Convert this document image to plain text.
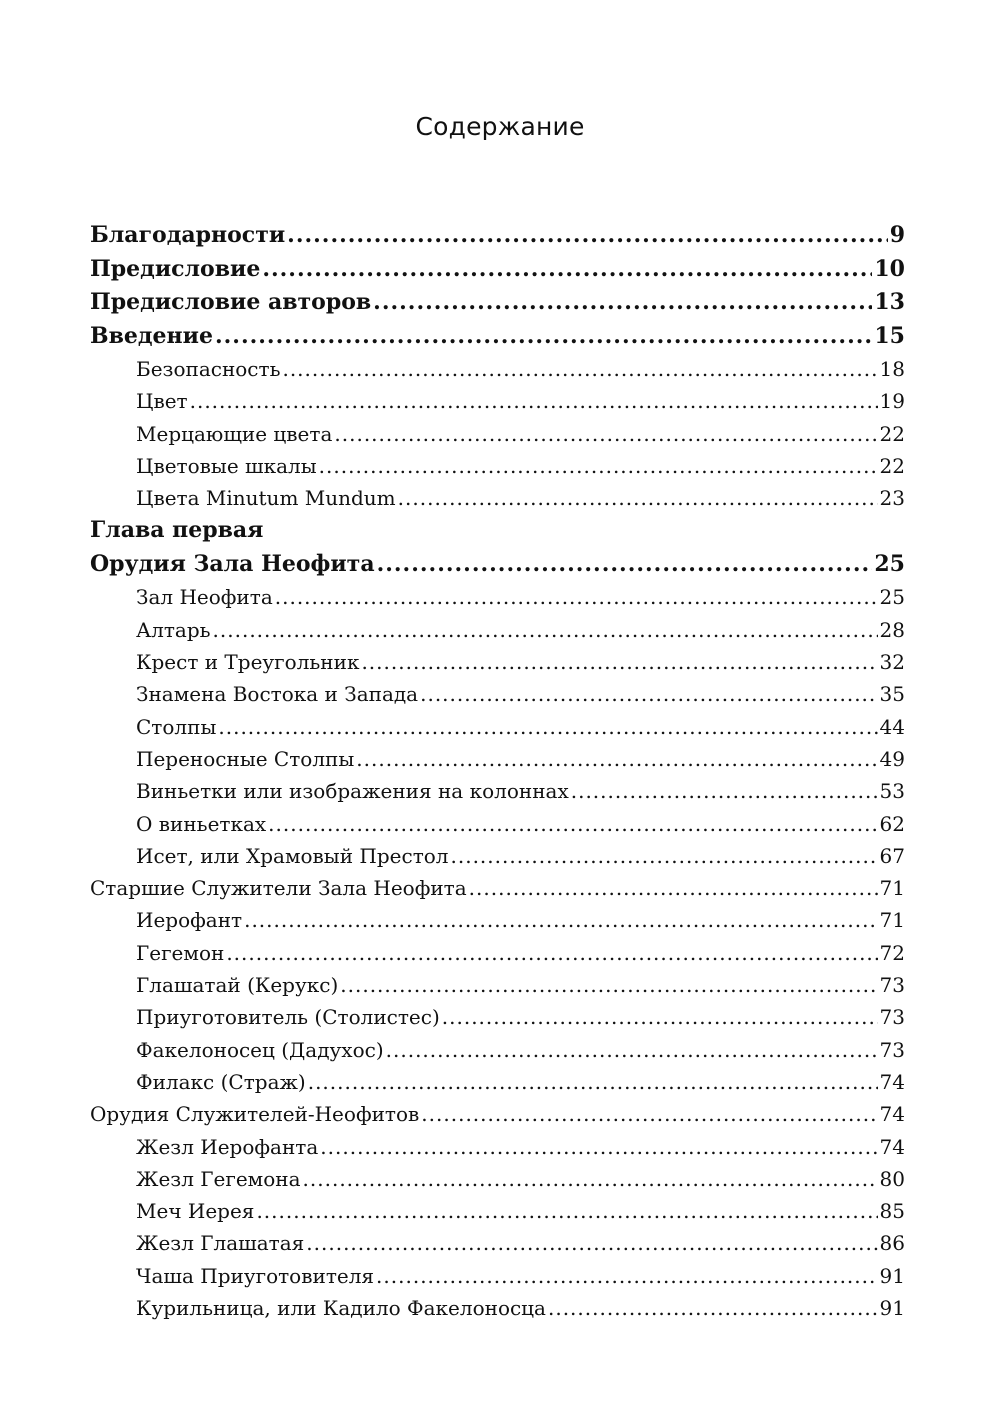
Содержание
Благодарности .....	9
Предисловие .....	10
Предисловие авторов .....	13
Введение .....	15
Безопасность .....	18
Цвет .....	19
Мерцающие цвета .....	22
Цветовые шкалы .....	22
Цвета Minutum Mundum .....	23
Глава первая
Орудия Зала Неофита .....	25
Зал Неофита .....	25
Алтарь .....	28
Крест и Треугольник .....	32
Знамена Востока и Запада .....	35
Столпы .....	44
Переносные Столпы .....	49
Виньетки или изображения на колоннах .....	53
О виньетках .....	62
Исет, или Храмовый Престол .....	67
Старшие Служители Зала Неофита .....	71
Иерофант .....	71
Гегемон .....	72
Глашатай (Керукс) .....	73
Приуготовитель (Столистес) .....	73
Факелоносец (Дадухос) .....	73
Филакс (Страж) .....	74
Орудия Служителей-Неофитов .....	74
Жезл Иерофанта .....	74
Жезл Гегемона .....	80
Меч Иерея .....	85
Жезл Глашатая .....	86
Чаша Приуготовителя .....	91
Курильница, или Кадило Факелоносца .....	91
